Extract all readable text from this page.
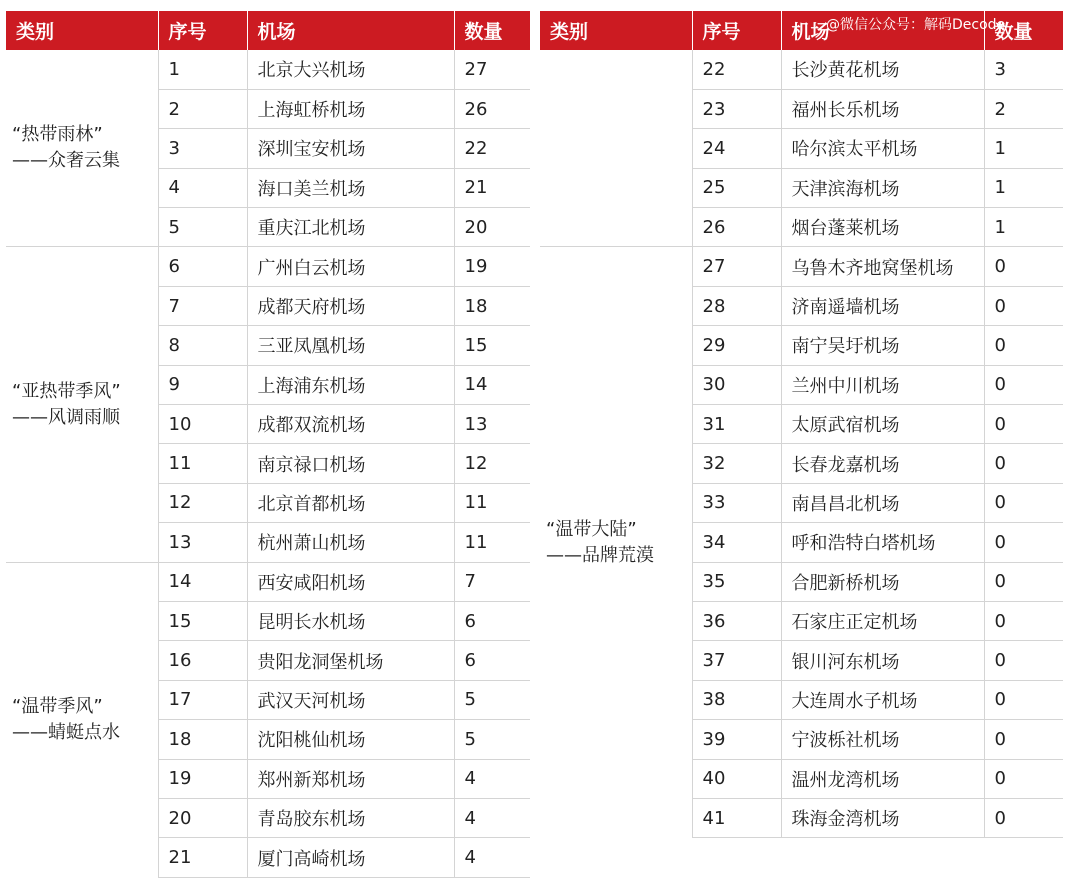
类别	序号	机场	数量

“热带雨林”
——众奢云集	1	北京大兴机场	27
	2	上海虹桥机场	26
	3	深圳宝安机场	22
	4	海口美兰机场	21
	5	重庆江北机场	20

“亚热带季风”
——风调雨顺	6	广州白云机场	19
	7	成都天府机场	18
	8	三亚凤凰机场	15
	9	上海浦东机场	14
	10	成都双流机场	13
	11	南京禄口机场	12
	12	北京首都机场	11
	13	杭州萧山机场	11

“温带季风”
——蜻蜓点水	14	西安咸阳机场	7
	15	昆明长水机场	6
	16	贵阳龙洞堡机场	6
	17	武汉天河机场	5
	18	沈阳桃仙机场	5
	19	郑州新郑机场	4
	20	青岛胶东机场	4
	21	厦门高崎机场	4
类别	序号	机场	数量

	22	长沙黄花机场	3
	23	福州长乐机场	2
	24	哈尔滨太平机场	1
	25	天津滨海机场	1
	26	烟台蓬莱机场	1

“温带大陆”
——品牌荒漠	27	乌鲁木齐地窝堡机场	0
	28	济南遥墙机场	0
	29	南宁吴圩机场	0
	30	兰州中川机场	0
	31	太原武宿机场	0
	32	长春龙嘉机场	0
	33	南昌昌北机场	0
	34	呼和浩特白塔机场	0
	35	合肥新桥机场	0
	36	石家庄正定机场	0
	37	银川河东机场	0
	38	大连周水子机场	0
	39	宁波栎社机场	0
	40	温州龙湾机场	0
	41	珠海金湾机场	0
@微信公众号：解码Decode
